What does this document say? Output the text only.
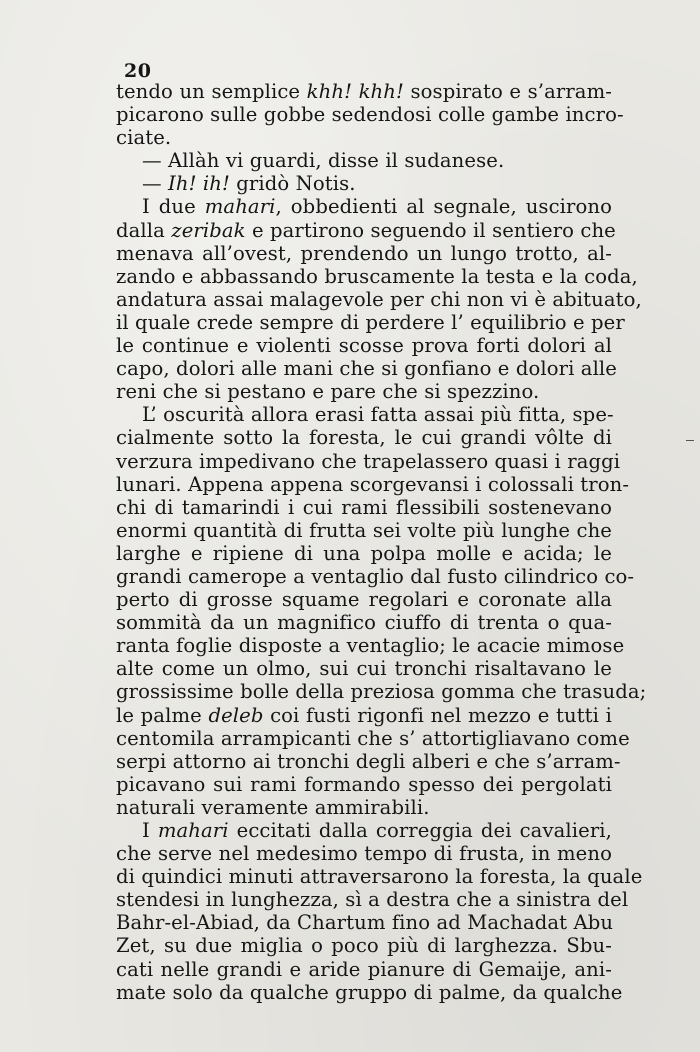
20
tendo un semplice khh! khh! sospirato e s’arram-
picarono sulle gobbe sedendosi colle gambe incro-
ciate.
— Allàh vi guardi, disse il sudanese.
— Ih! ih! gridò Notis.
I due mahari, obbedienti al segnale, uscirono
dalla zeribak e partirono seguendo il sentiero che
menava all’ovest, prendendo un lungo trotto, al-
zando e abbassando bruscamente la testa e la coda,
andatura assai malagevole per chi non vi è abituato,
il quale crede sempre di perdere l’ equilibrio e per
le continue e violenti scosse prova forti dolori al
capo, dolori alle mani che si gonfiano e dolori alle
reni che si pestano e pare che si spezzino.
L’ oscurità allora erasi fatta assai più fitta, spe-
cialmente sotto la foresta, le cui grandi vôlte di
verzura impedivano che trapelassero quasi i raggi
lunari. Appena appena scorgevansi i colossali tron-
chi di tamarindi i cui rami flessibili sostenevano
enormi quantità di frutta sei volte più lunghe che
larghe e ripiene di una polpa molle e acida; le
grandi camerope a ventaglio dal fusto cilindrico co-
perto di grosse squame regolari e coronate alla
sommità da un magnifico ciuffo di trenta o qua-
ranta foglie disposte a ventaglio; le acacie mimose
alte come un olmo, sui cui tronchi risaltavano le
grossissime bolle della preziosa gomma che trasuda;
le palme deleb coi fusti rigonfi nel mezzo e tutti i
centomila arrampicanti che s’ attortigliavano come
serpi attorno ai tronchi degli alberi e che s’arram-
picavano sui rami formando spesso dei pergolati
naturali veramente ammirabili.
I mahari eccitati dalla correggia dei cavalieri,
che serve nel medesimo tempo di frusta, in meno
di quindici minuti attraversarono la foresta, la quale
stendesi in lunghezza, sì a destra che a sinistra del
Bahr-el-Abiad, da Chartum fino ad Machadat Abu
Zet, su due miglia o poco più di larghezza. Sbu-
cati nelle grandi e aride pianure di Gemaije, ani-
mate solo da qualche gruppo di palme, da qualche
